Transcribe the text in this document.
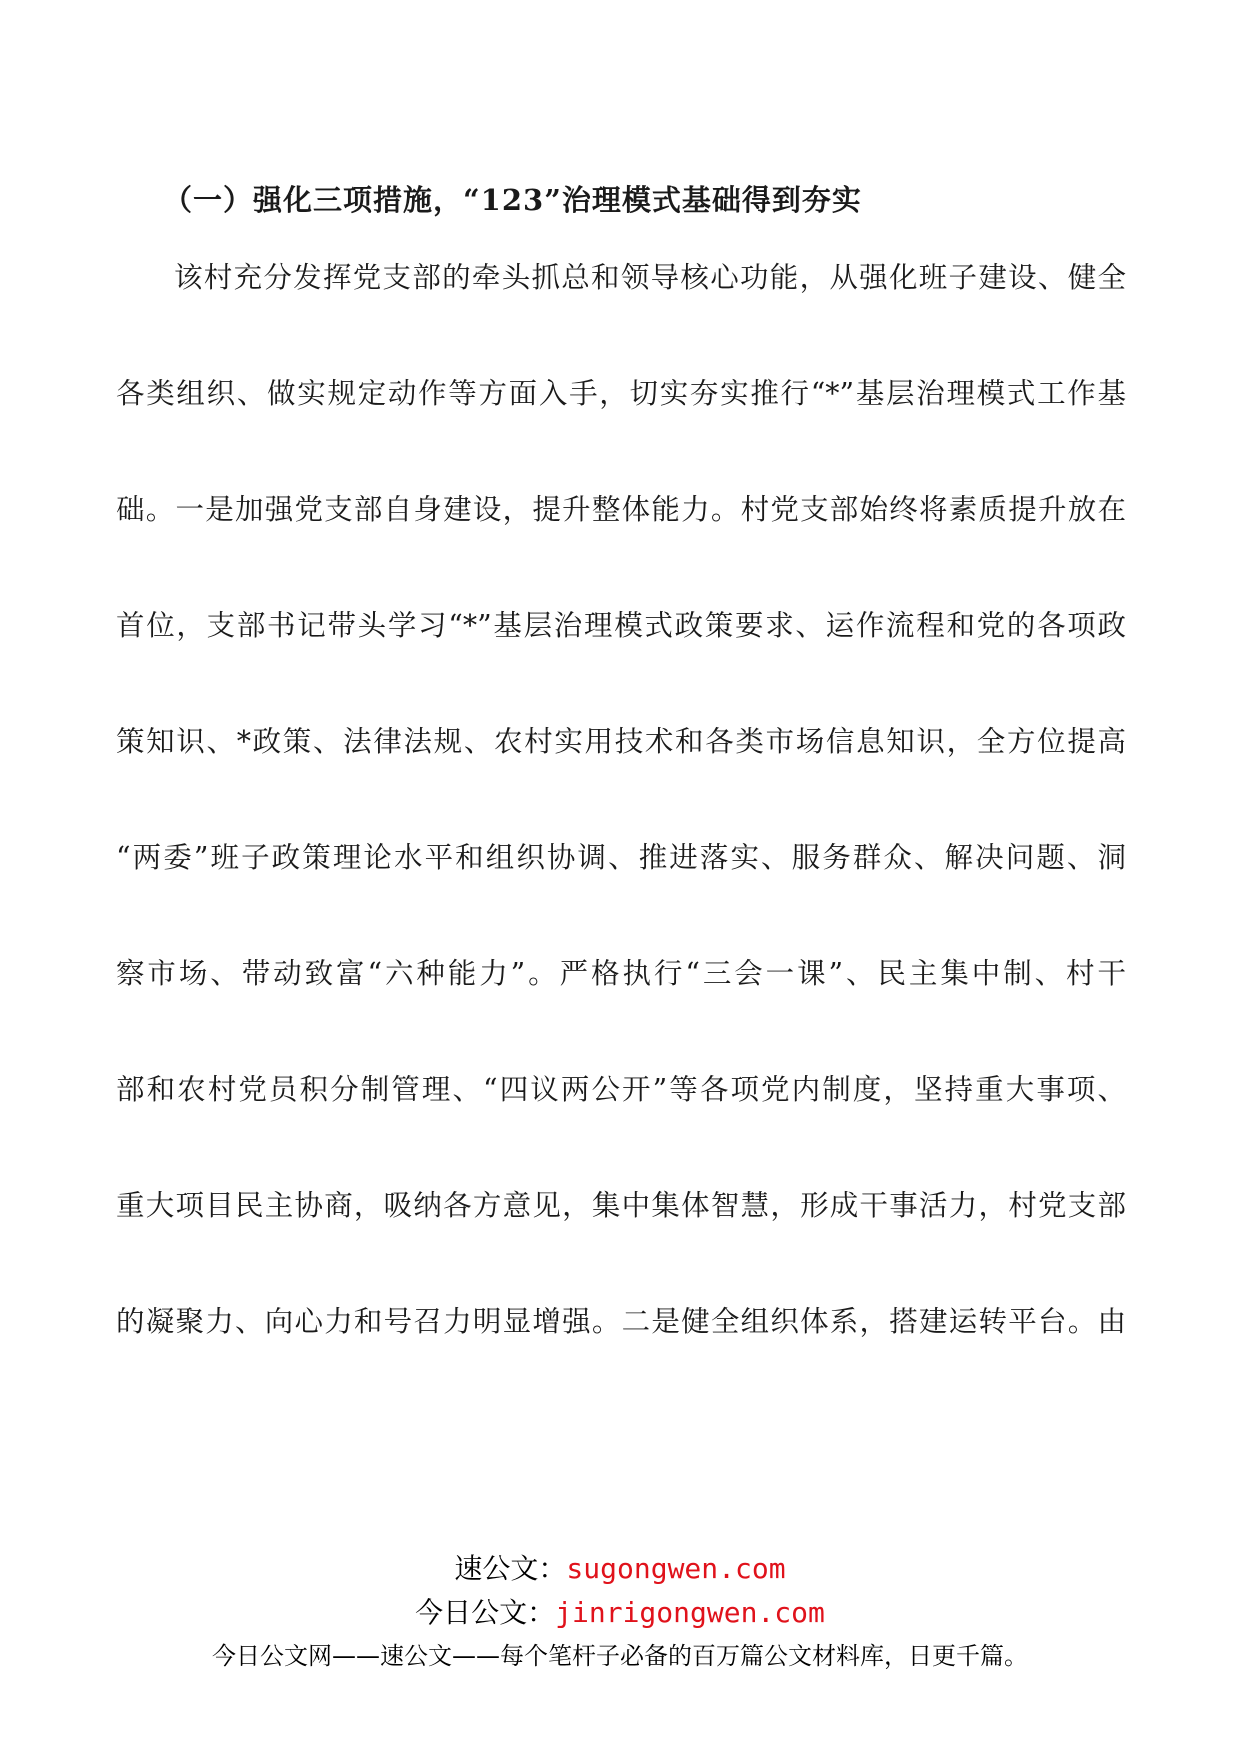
（一）强化三项措施，“123”治理模式基础得到夯实
该村充分发挥党支部的牵头抓总和领导核心功能，从强化班子建设、健全
各类组织、做实规定动作等方面入手，切实夯实推行“*”基层治理模式工作基
础。一是加强党支部自身建设，提升整体能力。村党支部始终将素质提升放在
首位，支部书记带头学习“*”基层治理模式政策要求、运作流程和党的各项政
策知识、*政策、法律法规、农村实用技术和各类市场信息知识，全方位提高
“两委”班子政策理论水平和组织协调、推进落实、服务群众、解决问题、洞
察市场、带动致富“六种能力”。严格执行“三会一课”、民主集中制、村干
部和农村党员积分制管理、“四议两公开”等各项党内制度，坚持重大事项、
重大项目民主协商，吸纳各方意见，集中集体智慧，形成干事活力，村党支部
的凝聚力、向心力和号召力明显增强。二是健全组织体系，搭建运转平台。由
速公文：sugongwen.com
今日公文：jinrigongwen.com
今日公文网——速公文——每个笔杆子必备的百万篇公文材料库，日更千篇。
